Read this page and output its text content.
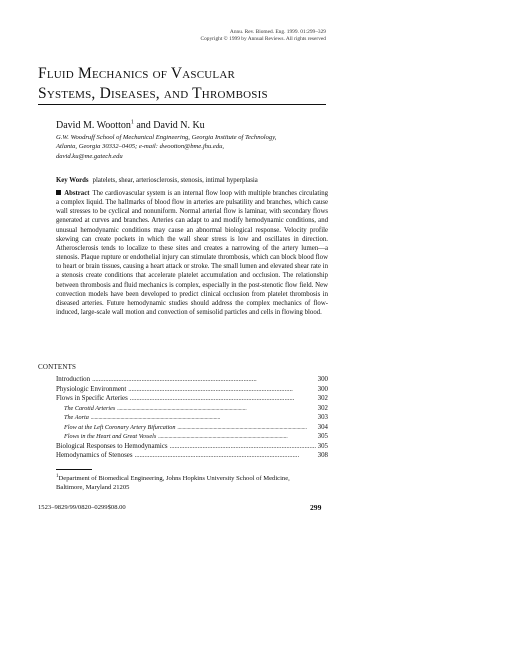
Annu. Rev. Biomed. Eng. 1999. 01:299–329
Copyright © 1999 by Annual Reviews. All rights reserved
Fluid Mechanics of Vascular
Systems, Diseases, and Thrombosis
David M. Wootton$^1$ and David N. Ku
G.W. Woodruff School of Mechanical Engineering, Georgia Institute of Technology,
Atlanta, Georgia 30332–0405; e-mail: dwootton@bme.jhu.edu,
david.ku@me.gatech.edu
Key Words platelets, shear, arteriosclerosis, stenosis, intimal hyperplasia
Abstract The cardiovascular system is an internal flow loop with multiple branches circulating a complex liquid. The hallmarks of blood flow in arteries are pulsatility and branches, which cause wall stresses to be cyclical and nonuniform. Normal arterial flow is laminar, with secondary flows generated at curves and branches. Arteries can adapt to and modify hemodynamic conditions, and unusual hemodynamic conditions may cause an abnormal biological response. Velocity profile skewing can create pockets in which the wall shear stress is low and oscillates in direction. Atherosclerosis tends to localize to these sites and creates a narrowing of the artery lumen—a stenosis. Plaque rupture or endothelial injury can stimulate thrombosis, which can block blood flow to heart or brain tissues, causing a heart attack or stroke. The small lumen and elevated shear rate in a stenosis create conditions that accelerate platelet accumulation and occlusion. The relationship between thrombosis and fluid mechanics is complex, especially in the post-stenotic flow field. New convection models have been developed to predict clinical occlusion from platelet thrombosis in diseased arteries. Future hemodynamic studies should address the complex mechanics of flow-induced, large-scale wall motion and convection of semisolid particles and cells in flowing blood.
CONTENTS
Introduction . . .	300
Physiologic Environment . . .	300
Flows in Specific Arteries . . .	302
The Carotid Arteries . . .	302
The Aorta . . .	303
Flow at the Left Coronary Artery Bifurcation . . .	304
Flows in the Heart and Great Vessels . . .	305
Biological Responses to Hemodynamics . . .	305
Hemodynamics of Stenoses . . .	308
$^1$Department of Biomedical Engineering, Johns Hopkins University School of Medicine,
Baltimore, Maryland 21205
1523–9829/99/0820–0299$08.00	299
